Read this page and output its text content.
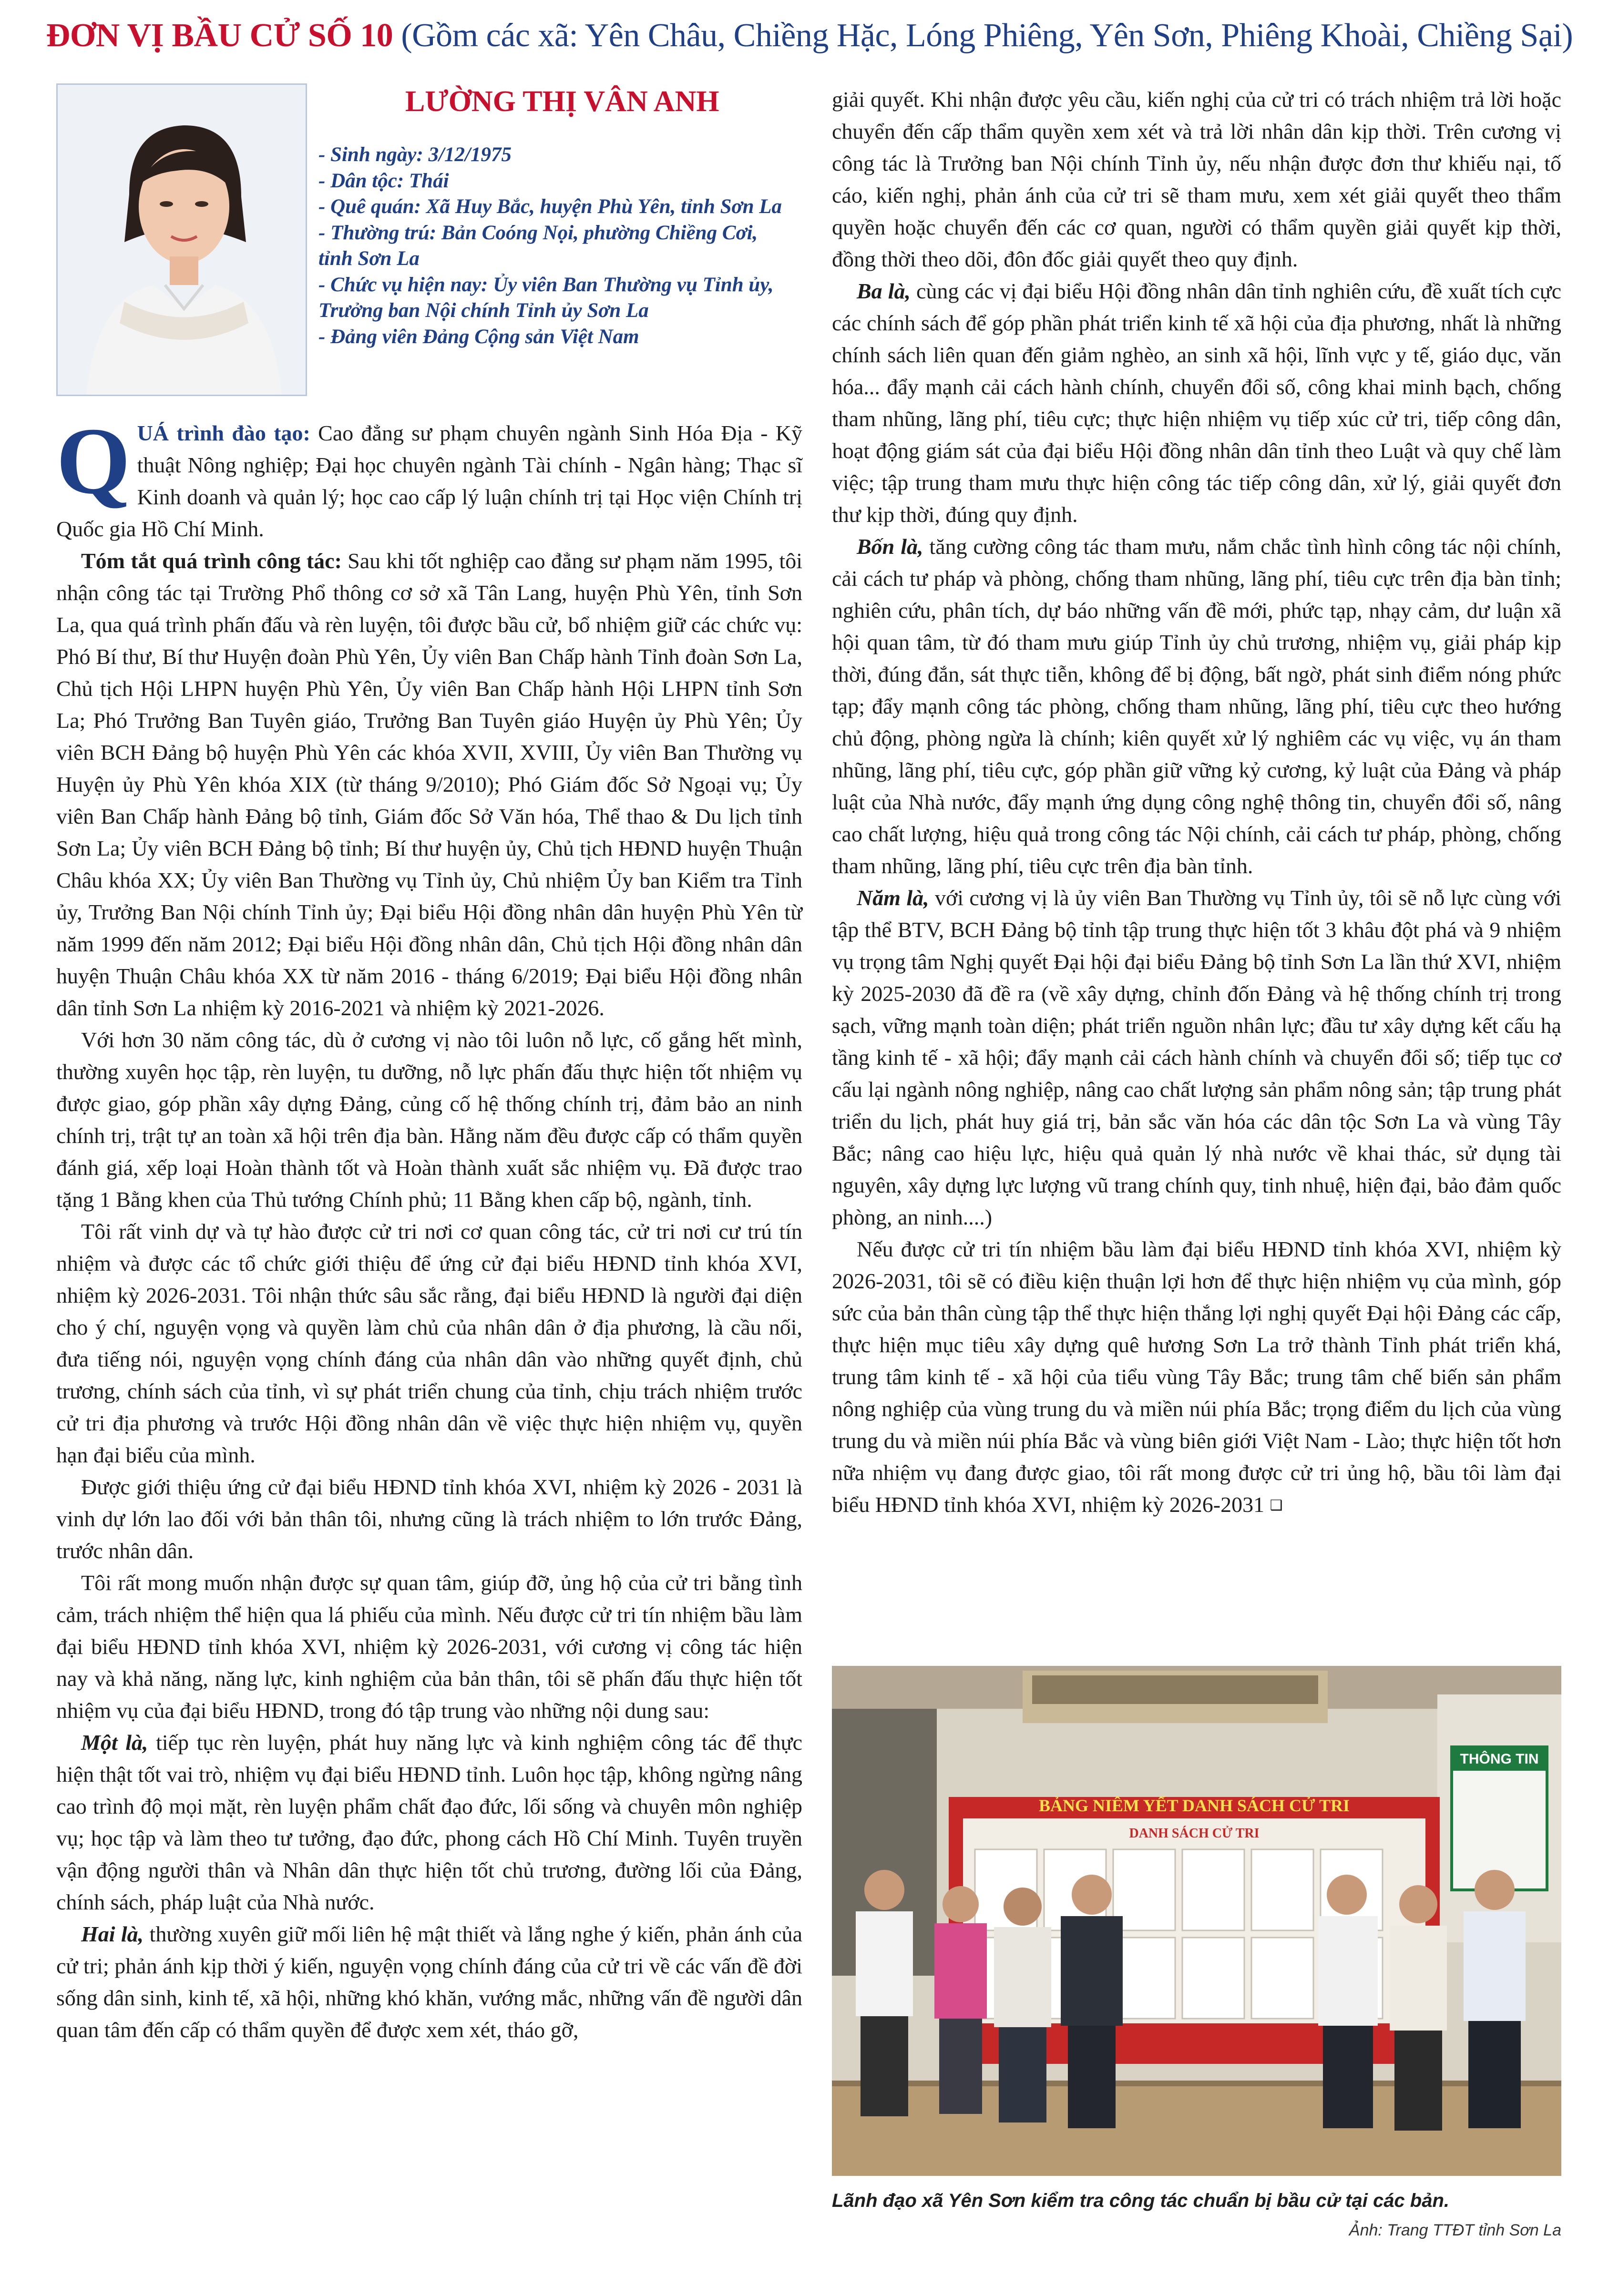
ĐƠN VỊ BẦU CỬ SỐ 10 (Gồm các xã: Yên Châu, Chiềng Hặc, Lóng Phiêng, Yên Sơn, Phiêng Khoài, Chiềng Sại)
LƯỜNG THỊ VÂN ANH
- Sinh ngày: 3/12/1975
- Dân tộc: Thái
- Quê quán: Xã Huy Bắc, huyện Phù Yên, tỉnh Sơn La
- Thường trú: Bản Coóng Nọi, phường Chiềng Cơi,
tỉnh Sơn La
- Chức vụ hiện nay: Ủy viên Ban Thường vụ Tỉnh ủy,
Trưởng ban Nội chính Tỉnh ủy Sơn La
- Đảng viên Đảng Cộng sản Việt Nam

QUÁ trình đào tạo: Cao đẳng sư phạm chuyên ngành Sinh Hóa Địa - Kỹ thuật Nông nghiệp; Đại học chuyên ngành Tài chính - Ngân hàng; Thạc sĩ Kinh doanh và quản lý; học cao cấp lý luận chính trị tại Học viện Chính trị Quốc gia Hồ Chí Minh.

Tóm tắt quá trình công tác: Sau khi tốt nghiệp cao đẳng sư phạm năm 1995, tôi nhận công tác tại Trường Phổ thông cơ sở xã Tân Lang, huyện Phù Yên, tỉnh Sơn La, qua quá trình phấn đấu và rèn luyện, tôi được bầu cử, bổ nhiệm giữ các chức vụ: Phó Bí thư, Bí thư Huyện đoàn Phù Yên, Ủy viên Ban Chấp hành Tỉnh đoàn Sơn La, Chủ tịch Hội LHPN huyện Phù Yên, Ủy viên Ban Chấp hành Hội LHPN tỉnh Sơn La; Phó Trưởng Ban Tuyên giáo, Trưởng Ban Tuyên giáo Huyện ủy Phù Yên; Ủy viên BCH Đảng bộ huyện Phù Yên các khóa XVII, XVIII, Ủy viên Ban Thường vụ Huyện ủy Phù Yên khóa XIX (từ tháng 9/2010); Phó Giám đốc Sở Ngoại vụ; Ủy viên Ban Chấp hành Đảng bộ tỉnh, Giám đốc Sở Văn hóa, Thể thao & Du lịch tỉnh Sơn La; Ủy viên BCH Đảng bộ tỉnh; Bí thư huyện ủy, Chủ tịch HĐND huyện Thuận Châu khóa XX; Ủy viên Ban Thường vụ Tỉnh ủy, Chủ nhiệm Ủy ban Kiểm tra Tỉnh ủy, Trưởng Ban Nội chính Tỉnh ủy; Đại biểu Hội đồng nhân dân huyện Phù Yên từ năm 1999 đến năm 2012; Đại biểu Hội đồng nhân dân, Chủ tịch Hội đồng nhân dân huyện Thuận Châu khóa XX từ năm 2016 - tháng 6/2019; Đại biểu Hội đồng nhân dân tỉnh Sơn La nhiệm kỳ 2016-2021 và nhiệm kỳ 2021-2026.

Với hơn 30 năm công tác, dù ở cương vị nào tôi luôn nỗ lực, cố gắng hết mình, thường xuyên học tập, rèn luyện, tu dưỡng, nỗ lực phấn đấu thực hiện tốt nhiệm vụ được giao, góp phần xây dựng Đảng, củng cố hệ thống chính trị, đảm bảo an ninh chính trị, trật tự an toàn xã hội trên địa bàn. Hằng năm đều được cấp có thẩm quyền đánh giá, xếp loại Hoàn thành tốt và Hoàn thành xuất sắc nhiệm vụ. Đã được trao tặng 1 Bằng khen của Thủ tướng Chính phủ; 11 Bằng khen cấp bộ, ngành, tỉnh.

Tôi rất vinh dự và tự hào được cử tri nơi cơ quan công tác, cử tri nơi cư trú tín nhiệm và được các tổ chức giới thiệu để ứng cử đại biểu HĐND tỉnh khóa XVI, nhiệm kỳ 2026-2031. Tôi nhận thức sâu sắc rằng, đại biểu HĐND là người đại diện cho ý chí, nguyện vọng và quyền làm chủ của nhân dân ở địa phương, là cầu nối, đưa tiếng nói, nguyện vọng chính đáng của nhân dân vào những quyết định, chủ trương, chính sách của tỉnh, vì sự phát triển chung của tỉnh, chịu trách nhiệm trước cử tri địa phương và trước Hội đồng nhân dân về việc thực hiện nhiệm vụ, quyền hạn đại biểu của mình.

Được giới thiệu ứng cử đại biểu HĐND tỉnh khóa XVI, nhiệm kỳ 2026 - 2031 là vinh dự lớn lao đối với bản thân tôi, nhưng cũng là trách nhiệm to lớn trước Đảng, trước nhân dân.

Tôi rất mong muốn nhận được sự quan tâm, giúp đỡ, ủng hộ của cử tri bằng tình cảm, trách nhiệm thể hiện qua lá phiếu của mình. Nếu được cử tri tín nhiệm bầu làm đại biểu HĐND tỉnh khóa XVI, nhiệm kỳ 2026-2031, với cương vị công tác hiện nay và khả năng, năng lực, kinh nghiệm của bản thân, tôi sẽ phấn đấu thực hiện tốt nhiệm vụ của đại biểu HĐND, trong đó tập trung vào những nội dung sau:

Một là, tiếp tục rèn luyện, phát huy năng lực và kinh nghiệm công tác để thực hiện thật tốt vai trò, nhiệm vụ đại biểu HĐND tỉnh. Luôn học tập, không ngừng nâng cao trình độ mọi mặt, rèn luyện phẩm chất đạo đức, lối sống và chuyên môn nghiệp vụ; học tập và làm theo tư tưởng, đạo đức, phong cách Hồ Chí Minh. Tuyên truyền vận động người thân và Nhân dân thực hiện tốt chủ trương, đường lối của Đảng, chính sách, pháp luật của Nhà nước.

Hai là, thường xuyên giữ mối liên hệ mật thiết và lắng nghe ý kiến, phản ánh của cử tri; phản ánh kịp thời ý kiến, nguyện vọng chính đáng của cử tri về các vấn đề đời sống dân sinh, kinh tế, xã hội, những khó khăn, vướng mắc, những vấn đề người dân quan tâm đến cấp có thẩm quyền để được xem xét, tháo gỡ,

giải quyết. Khi nhận được yêu cầu, kiến nghị của cử tri có trách nhiệm trả lời hoặc chuyển đến cấp thẩm quyền xem xét và trả lời nhân dân kịp thời. Trên cương vị công tác là Trưởng ban Nội chính Tỉnh ủy, nếu nhận được đơn thư khiếu nại, tố cáo, kiến nghị, phản ánh của cử tri sẽ tham mưu, xem xét giải quyết theo thẩm quyền hoặc chuyển đến các cơ quan, người có thẩm quyền giải quyết kịp thời, đồng thời theo dõi, đôn đốc giải quyết theo quy định.

Ba là, cùng các vị đại biểu Hội đồng nhân dân tỉnh nghiên cứu, đề xuất tích cực các chính sách để góp phần phát triển kinh tế xã hội của địa phương, nhất là những chính sách liên quan đến giảm nghèo, an sinh xã hội, lĩnh vực y tế, giáo dục, văn hóa... đẩy mạnh cải cách hành chính, chuyển đổi số, công khai minh bạch, chống tham nhũng, lãng phí, tiêu cực; thực hiện nhiệm vụ tiếp xúc cử tri, tiếp công dân, hoạt động giám sát của đại biểu Hội đồng nhân dân tỉnh theo Luật và quy chế làm việc; tập trung tham mưu thực hiện công tác tiếp công dân, xử lý, giải quyết đơn thư kịp thời, đúng quy định.

Bốn là, tăng cường công tác tham mưu, nắm chắc tình hình công tác nội chính, cải cách tư pháp và phòng, chống tham nhũng, lãng phí, tiêu cực trên địa bàn tỉnh; nghiên cứu, phân tích, dự báo những vấn đề mới, phức tạp, nhạy cảm, dư luận xã hội quan tâm, từ đó tham mưu giúp Tỉnh ủy chủ trương, nhiệm vụ, giải pháp kịp thời, đúng đắn, sát thực tiễn, không để bị động, bất ngờ, phát sinh điểm nóng phức tạp; đẩy mạnh công tác phòng, chống tham nhũng, lãng phí, tiêu cực theo hướng chủ động, phòng ngừa là chính; kiên quyết xử lý nghiêm các vụ việc, vụ án tham nhũng, lãng phí, tiêu cực, góp phần giữ vững kỷ cương, kỷ luật của Đảng và pháp luật của Nhà nước, đẩy mạnh ứng dụng công nghệ thông tin, chuyển đổi số, nâng cao chất lượng, hiệu quả trong công tác Nội chính, cải cách tư pháp, phòng, chống tham nhũng, lãng phí, tiêu cực trên địa bàn tỉnh.

Năm là, với cương vị là ủy viên Ban Thường vụ Tỉnh ủy, tôi sẽ nỗ lực cùng với tập thể BTV, BCH Đảng bộ tỉnh tập trung thực hiện tốt 3 khâu đột phá và 9 nhiệm vụ trọng tâm Nghị quyết Đại hội đại biểu Đảng bộ tỉnh Sơn La lần thứ XVI, nhiệm kỳ 2025-2030 đã đề ra (về xây dựng, chỉnh đốn Đảng và hệ thống chính trị trong sạch, vững mạnh toàn diện; phát triển nguồn nhân lực; đầu tư xây dựng kết cấu hạ tầng kinh tế - xã hội; đẩy mạnh cải cách hành chính và chuyển đổi số; tiếp tục cơ cấu lại ngành nông nghiệp, nâng cao chất lượng sản phẩm nông sản; tập trung phát triển du lịch, phát huy giá trị, bản sắc văn hóa các dân tộc Sơn La và vùng Tây Bắc; nâng cao hiệu lực, hiệu quả quản lý nhà nước về khai thác, sử dụng tài nguyên, xây dựng lực lượng vũ trang chính quy, tinh nhuệ, hiện đại, bảo đảm quốc phòng, an ninh....)

Nếu được cử tri tín nhiệm bầu làm đại biểu HĐND tỉnh khóa XVI, nhiệm kỳ 2026-2031, tôi sẽ có điều kiện thuận lợi hơn để thực hiện nhiệm vụ của mình, góp sức của bản thân cùng tập thể thực hiện thắng lợi nghị quyết Đại hội Đảng các cấp, thực hiện mục tiêu xây dựng quê hương Sơn La trở thành Tỉnh phát triển khá, trung tâm kinh tế - xã hội của tiểu vùng Tây Bắc; trung tâm chế biến sản phẩm nông nghiệp của vùng trung du và miền núi phía Bắc; trọng điểm du lịch của vùng trung du và miền núi phía Bắc và vùng biên giới Việt Nam - Lào; thực hiện tốt hơn nữa nhiệm vụ đang được giao, tôi rất mong được cử tri ủng hộ, bầu tôi làm đại biểu HĐND tỉnh khóa XVI, nhiệm kỳ 2026-2031 ❑

THÔNG TIN
BẢNG NIÊM YẾT DANH SÁCH CỬ TRI
DANH SÁCH CỬ TRI
Lãnh đạo xã Yên Sơn kiểm tra công tác chuẩn bị bầu cử tại các bản.
Ảnh: Trang TTĐT tỉnh Sơn La
